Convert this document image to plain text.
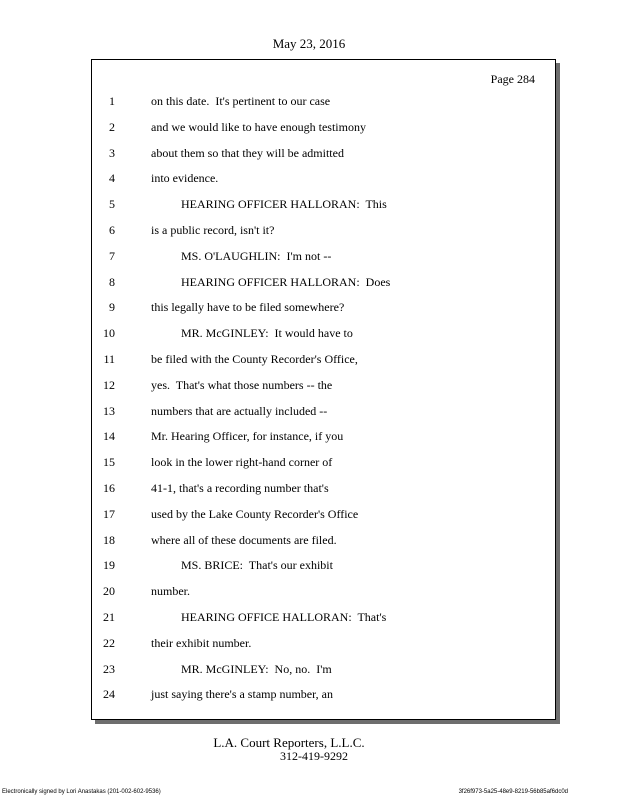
May 23, 2016
Page 284
1	on this date.  It's pertinent to our case
2	and we would like to have enough testimony
3	about them so that they will be admitted
4	into evidence.
5	HEARING OFFICER HALLORAN:  This
6	is a public record, isn't it?
7	MS. O'LAUGHLIN:  I'm not --
8	HEARING OFFICER HALLORAN:  Does
9	this legally have to be filed somewhere?
10	MR. McGINLEY:  It would have to
11	be filed with the County Recorder's Office,
12	yes.  That's what those numbers -- the
13	numbers that are actually included --
14	Mr. Hearing Officer, for instance, if you
15	look in the lower right-hand corner of
16	41-1, that's a recording number that's
17	used by the Lake County Recorder's Office
18	where all of these documents are filed.
19	MS. BRICE:  That's our exhibit
20	number.
21	HEARING OFFICE HALLORAN:  That's
22	their exhibit number.
23	MR. McGINLEY:  No, no.  I'm
24	just saying there's a stamp number, an
L.A. Court Reporters, L.L.C.
312-419-9292
Electronically signed by Lori Anastakas (201-002-602-9536)	3f26f973-5a25-48e9-8219-56b85af6dc0d
